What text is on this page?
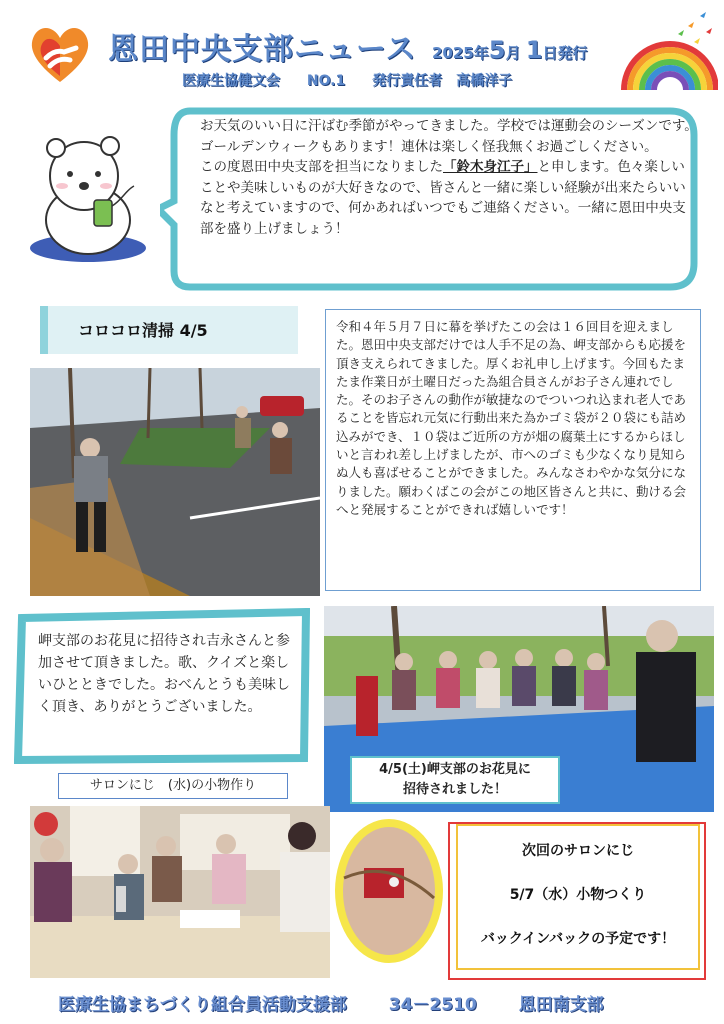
恩田中央支部ニュース 2025年5月 1日発行
医療生協健文会 NO.1 発行責任者　高橋洋子
お天気のいい日に汗ばむ季節がやってきました。学校では運動会のシーズンです。ゴールデンウィークもあります！連休は楽しく怪我無くお過ごしください。
この度恩田中央支部を担当になりました「鈴木身江子」と申します。色々楽しいことや美味しいものが大好きなので、皆さんと一緒に楽しい経験が出来たらいいなと考えていますので、何かあればいつでもご連絡ください。一緒に恩田中央支部を盛り上げましょう！
コロコロ清掃 4/5	令和４年５月７日に幕を挙げたこの会は１６回目を迎えました。恩田中央支部だけでは人手不足の為、岬支部からも応援を頂き支えられてきました。厚くお礼申し上げます。今回もたまたま作業日が土曜日だった為組合員さんがお子さん連れでした。そのお子さんの動作が敏捷なのでついつれ込まれ老人であることを皆忘れ元気に行動出来た為かゴミ袋が２０袋にも詰め込みができ、１０袋はご近所の方が畑の腐葉土にするからほしいと言われ差し上げましたが、市へのゴミも少なくなり見知らぬ人も喜ばせることができました。みんなさわやかな気分になりました。願わくばこの会がこの地区皆さんと共に、動ける会へと発展することができれば嬉しいです！
岬支部のお花見に招待され吉永さんと参加させて頂きました。歌、クイズと楽しいひとときでした。おべんとうも美味しく頂き、ありがとうございました。
4/5(土)岬支部のお花見に
招待されました！
サロンにじ　(水)の小物作り
次回のサロンにじ
5/7（水）小物つくり
バックインバックの予定です！
医療生協まちづくり組合員活動支援部 34－2510 恩田南支部
